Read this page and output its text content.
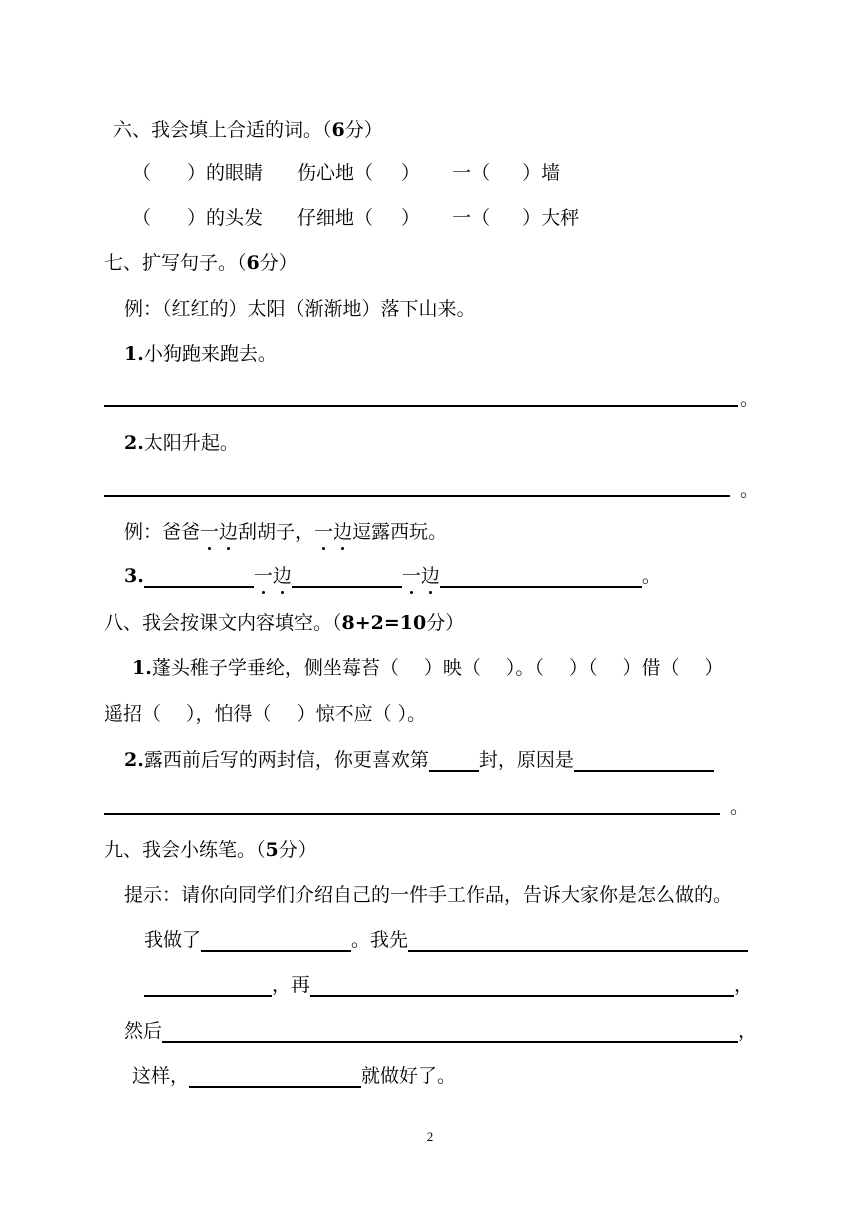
六、我会填上合适的词。（6分）
（ ）的眼睛 伤心地（ ） 一（ ）墙
（ ）的头发 仔细地（ ） 一（ ）大秤
七、扩写句子。（6分）
例：（红红的）太阳（渐渐地）落下山来。
1.小狗跑来跑去。
。
2.太阳升起。
。
例：爸爸一边刮胡子，一边逗露西玩。
3.	一边	一边	。
八、我会按课文内容填空。（8+2=10分）
1.蓬头稚子学垂纶，侧坐莓苔（　 ）映（　 ）。（　 ）（　 ）借（　 ）
遥招（　 ），怕得（　 ）惊不应（ ）。
2.露西前后写的两封信，你更喜欢第	封，原因是
。
九、我会小练笔。（5分）
提示：请你向同学们介绍自己的一件手工作品，告诉大家你是怎么做的。
我做了	。我先
，再	，
然后	，
这样，	就做好了。
2
